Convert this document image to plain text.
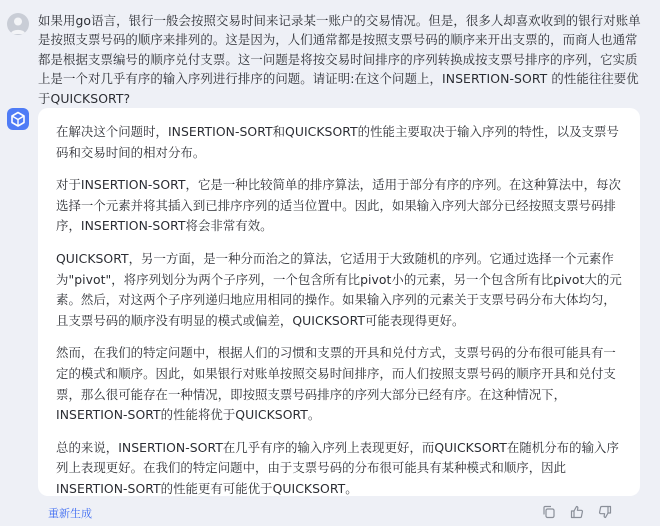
如果用go语言，银行一般会按照交易时间来记录某一账户的交易情况。但是，很多人却喜欢收到的银行对账单是按照支票号码的顺序来排列的。这是因为，人们通常都是按照支票号码的顺序来开出支票的，而商人也通常都是根据支票编号的顺序兑付支票。这一问题是将按交易时间排序的序列转换成按支票号排序的序列，它实质上是一个对几乎有序的输入序列进行排序的问题。请证明:在这个问题上，INSERTION-SORT 的性能往往要优于QUICKSORT?

在解决这个问题时，INSERTION-SORT和QUICKSORT的性能主要取决于输入序列的特性，以及支票号码和交易时间的相对分布。

对于INSERTION-SORT，它是一种比较简单的排序算法，适用于部分有序的序列。在这种算法中，每次选择一个元素并将其插入到已排序序列的适当位置中。因此，如果输入序列大部分已经按照支票号码排序，INSERTION-SORT将会非常有效。

QUICKSORT，另一方面，是一种分而治之的算法，它适用于大致随机的序列。它通过选择一个元素作为"pivot"，将序列划分为两个子序列，一个包含所有比pivot小的元素，另一个包含所有比pivot大的元素。然后，对这两个子序列递归地应用相同的操作。如果输入序列的元素关于支票号码分布大体均匀，且支票号码的顺序没有明显的模式或偏差，QUICKSORT可能表现得更好。

然而，在我们的特定问题中，根据人们的习惯和支票的开具和兑付方式，支票号码的分布很可能具有一定的模式和顺序。因此，如果银行对账单按照交易时间排序，而人们按照支票号码的顺序开具和兑付支票，那么很可能存在一种情况，即按照支票号码排序的序列大部分已经有序。在这种情况下，INSERTION-SORT的性能将优于QUICKSORT。

总的来说，INSERTION-SORT在几乎有序的输入序列上表现更好，而QUICKSORT在随机分布的输入序列上表现更好。在我们的特定问题中，由于支票号码的分布很可能具有某种模式和顺序，因此INSERTION-SORT的性能更有可能优于QUICKSORT。

重新生成
